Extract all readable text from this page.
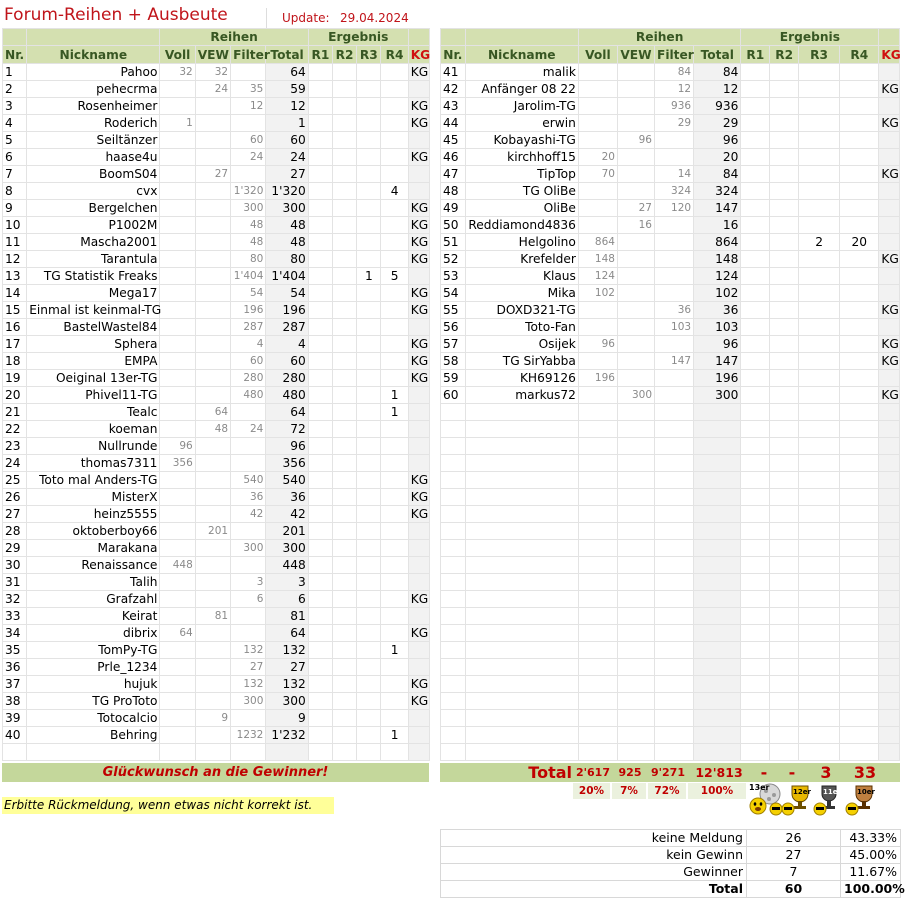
Forum-Reihen + Ausbeute	Update: 29.04.2024
		Reihen				Ergebnis				
Nr.	Nickname	Voll	VEW	Filter	Total	R1	R2	R3	R4	KG
1	Pahoo	32	32		64					KG
2	pehecrma		24	35	59					
3	Rosenheimer			12	12					KG
4	Roderich	1			1					KG
5	Seiltänzer			60	60					
6	haase4u			24	24					KG
7	BoomS04		27		27					
8	cvx			1'320	1'320				4	
9	Bergelchen			300	300					KG
10	P1002M			48	48					KG
11	Mascha2001			48	48					KG
12	Tarantula			80	80					KG
13	TG Statistik Freaks			1'404	1'404			1	5	
14	Mega17			54	54					KG
15	Einmal ist keinmal-TG			196	196					KG
16	BastelWastel84			287	287					
17	Sphera			4	4					KG
18	EMPA			60	60					KG
19	Oeiginal 13er-TG			280	280					KG
20	Phivel11-TG			480	480				1	
21	Tealc		64		64				1	
22	koeman		48	24	72					
23	Nullrunde	96			96					
24	thomas7311	356			356					
25	Toto mal Anders-TG			540	540					KG
26	MisterX			36	36					KG
27	heinz5555			42	42					KG
28	oktoberboy66		201		201					
29	Marakana			300	300					
30	Renaissance	448			448					
31	Talih			3	3					
32	Grafzahl			6	6					KG
33	Keirat		81		81					
34	dibrix	64			64					KG
35	TomPy-TG			132	132				1	
36	Prle_1234			27	27					
37	hujuk			132	132					KG
38	TG ProToto			300	300					KG
39	Totocalcio		9		9					
40	Behring			1232	1'232				1	

		Reihen				Ergebnis				
Nr.	Nickname	Voll	VEW	Filter	Total	R1	R2	R3	R4	KG
41	malik			84	84					
42	Anfänger 08 22			12	12					KG
43	Jarolim-TG			936	936					
44	erwin			29	29					KG
45	Kobayashi-TG		96		96					
46	kirchhoff15	20			20					
47	TipTop	70		14	84					KG
48	TG OliBe			324	324					
49	OliBe		27	120	147					
50	Reddiamond4836		16		16					
51	Helgolino	864			864			2	20	
52	Krefelder	148			148					KG
53	Klaus	124			124					
54	Mika	102			102					
55	DOXD321-TG			36	36					KG
56	Toto-Fan			103	103					
57	Osijek	96			96					KG
58	TG SirYabba			147	147					KG
59	KH69126	196			196					
60	markus72		300		300					KG

Glückwunsch an die Gewinner!	Total 2'617 925 9'271 12'813	-	-	3	33
20%	7%	72%	100%
Erbitte Rückmeldung, wenn etwas nicht korrekt ist.
13er	12er 11er 10er
keine Meldung	26	43.33%
kein Gewinn	27	45.00%
Gewinner	7	11.67%
Total	60	100.00%
